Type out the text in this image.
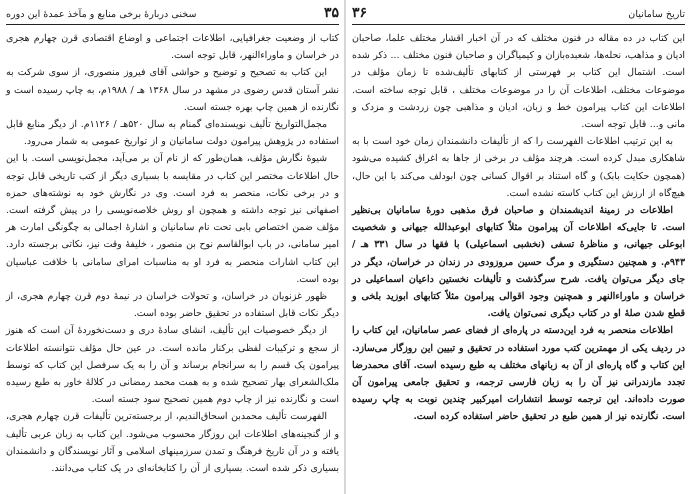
۳۵
سخنی دربارهٔ برخی منابع و مآخذ عمدهٔ این دوره

کتاب از وضعیت جغرافیایی، اطلاعات اجتماعی و اوضاع اقتصادی قرن چهارم هجری در خراسان و ماوراءالنهر، قابل توجه است.

این کتاب به تصحیح و توضیح و حواشی آقای فیروز منصوری، از سوی شرکت به نشر آستان قدس رضوی در مشهد در سال ۱۳۶۸ هـ / ۱۹۸۸م، به چاپ رسیده است و نگارنده از همین چاپ بهره جسته است.

مجمل‌التواریخ تألیف نویسنده‌ای گمنام به سال ۵۲۰هـ / ۱۱۲۶م. از دیگر منابع قابل استفاده در پژوهش پیرامون دولت سامانیان و از تواریخ عمومی به شمار می‌رود.

شیوهٔ نگارش مؤلف، همان‌طور که از نام آن بر می‌آید، مجمل‌نویسی است. با این حال اطلاعات مختصر این کتاب در مقایسه با بسیاری دیگر از کتب تاریخی قابل توجه و در برخی نکات، منحصر به فرد است. وی در نگارش خود به نوشته‌های حمزه اصفهانی نیز توجه داشته و همچون او روش خلاصه‌نویسی را در پیش گرفته است. مؤلف ضمن اختصاص بابی تحت نام سامانیان و اشارهٔ اجمالی به چگونگی امارت هر امیر سامانی، در باب ابوالقاسم نوح بن منصور ، خلیفهٔ وقت نیز، نکاتی برجسته دارد. این کتاب اشارات منحصر به فرد او به مناسبات امرای سامانی با خلافت عباسیان بوده است.

ظهور غزنویان در خراسان، و تحولات خراسان در نیمهٔ دوم قرن چهارم هجری، از دیگر نکات قابل استفاده در تحقیق حاضر بوده است.

از دیگر خصوصیات این تألیف، انشای سادهٔ دری و دست‌نخوردهٔ آن است که هنوز از سجع و ترکیبات لفظی برکنار مانده است. در عین حال مؤلف نتوانسته اطلاعات پیرامون یک قسم را به سرانجام برساند و آن را به یک سرفصل این کتاب که توسط ملک‌الشعرای بهار تصحیح شده و به همت محمد رمضانی در کلالهٔ خاور به طبع رسیده است و نگارنده نیز از چاپ دوم همین تصحیح سود جسته است.

الفهرست تألیف محمدبن اسحاق‌الندیم، از برجسته‌ترین تألیفات قرن چهارم هجری، و از گنجینه‌های اطلاعات این روزگار محسوب می‌شود. این کتاب به زبان عربی تألیف یافته و در آن تاریخ فرهنگ و تمدن سرزمینهای اسلامی و آثار نویسندگان و دانشمندان بسیاری ذکر شده است. بسیاری از آن را کتابخانه‌ای در یک کتاب می‌دانند.

تاریخ سامانیان
۳۶

این کتاب در ده مقاله در فنون مختلف که در آن اخبار اقشار مختلف علما، صاحبان ادیان و مذاهب، نحله‌ها، شعبده‌بازان و کیمیاگران و صاحبان فنون مختلف ... ذکر شده است. اشتمال این کتاب بر فهرستی از کتابهای تألیف‌شده تا زمان مؤلف در موضوعات مختلف، اطلاعات آن را در موضوعات مختلف ، قابل توجه ساخته است. اطلاعات این کتاب پیرامون خط و زبان، ادیان و مذاهبی چون زردشت و مزدک و مانی و... قابل توجه است.

به این ترتیب اطلاعات الفهرست را که از تألیفات دانشمندان زمان خود است با به شاهکاری مبدل کرده است. هرچند مؤلف در برخی از جاها به اغراق کشیده می‌شود (همچون حکایت بابک) و گاه استناد بر اقوال کسانی چون ابودلف می‌کند با این حال، هیچ‌گاه از ارزش این کتاب کاسته نشده است.

اطلاعات در زمینهٔ اندیشمندان و صاحبان فرق مذهبی دورهٔ سامانیان بی‌نظیر است. تا جایی‌که اطلاعات آن پیرامون مثلاً کتابهای ابوعبدالله جیهانی و شخصیت ابوعلی جیهانی، و مناظرهٔ تسفی (نخشبی اسماعیلی) با فقها در سال ۳۳۱ هـ / ۹۴۳م. و همچنین دستگیری و مرگ حسین مروزودی در زندان در خراسان، دیگر در جای دیگر می‌توان یافت. شرح سرگذشت و تألیفات نخستین داعیان اسماعیلی در خراسان و ماوراءالنهر و همچنین وجود اقوالی پیرامون مثلاً کتابهای ابوزید بلخی و قطع شدن صلهٔ او در کتاب دیگری نمی‌توان یافت.

اطلاعات منحصر به فرد این‌دسته در پاره‌ای از فضای عصر سامانیان، این کتاب را در ردیف یکی از مهمترین کتب مورد استفاده در تحقیق و تبیین این روزگار می‌سازد. این کتاب و گاه پاره‌ای از آن به زبانهای مختلف به طبع رسیده است. آقای محمدرضا تجدد مازندرانی نیز آن را به زبان فارسی ترجمه، و تحقیق جامعی پیرامون آن صورت داده‌اند. این ترجمه توسط انتشارات امیرکبیر چندین نوبت به چاپ رسیده است. نگارنده نیز از همین طبع در تحقیق حاضر استفاده کرده است.
